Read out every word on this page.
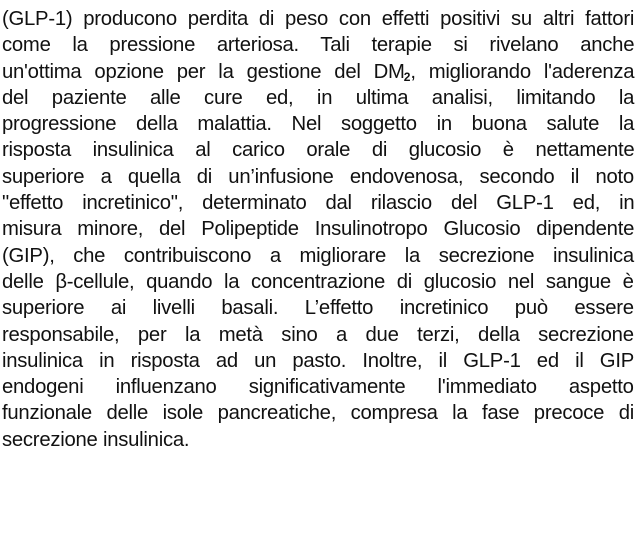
(GLP-1) producono perdita di peso con effetti positivi su altri fattori
come la pressione arteriosa. Tali terapie si rivelano anche
un'ottima opzione per la gestione del $DM_2$, migliorando l'aderenza
del paziente alle cure ed, in ultima analisi, limitando la
progressione della malattia. Nel soggetto in buona salute la
risposta insulinica al carico orale di glucosio è nettamente
superiore a quella di un’infusione endovenosa, secondo il noto
"effetto incretinico", determinato dal rilascio del GLP-1 ed, in
misura minore, del Polipeptide Insulinotropo Glucosio dipendente
(GIP), che contribuiscono a migliorare la secrezione insulinica
delle β-cellule, quando la concentrazione di glucosio nel sangue è
superiore ai livelli basali. L’effetto incretinico può essere
responsabile, per la metà sino a due terzi, della secrezione
insulinica in risposta ad un pasto. Inoltre, il GLP-1 ed il GIP
endogeni influenzano significativamente l'immediato aspetto
funzionale delle isole pancreatiche, compresa la fase precoce di
secrezione insulinica.
